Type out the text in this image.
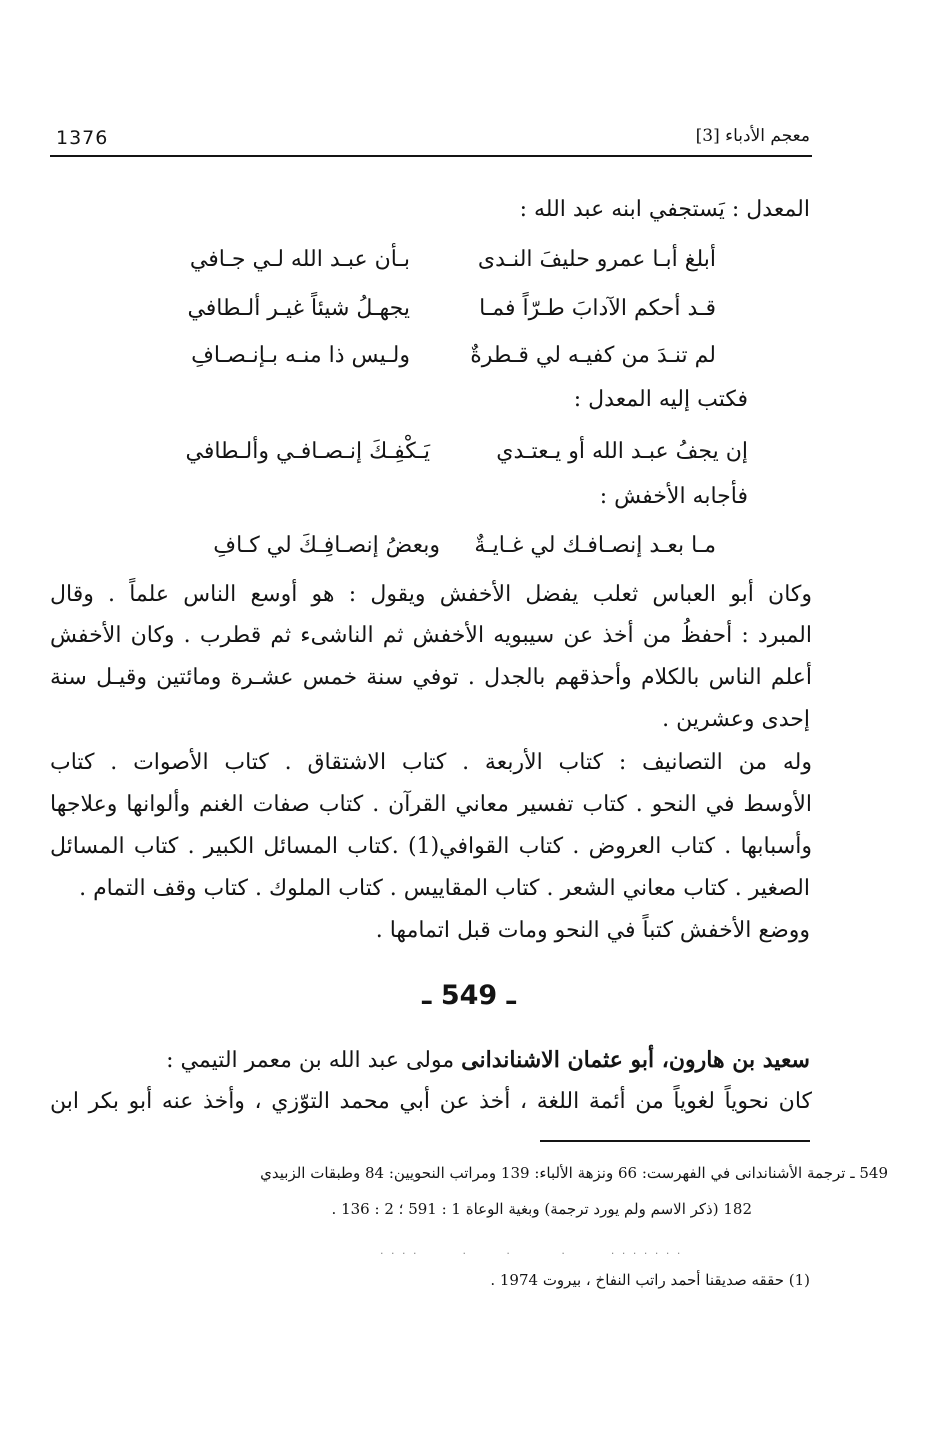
1376	معجم الأدباء [3]
المعدل : يَستجفي ابنه عبد الله :
أبلغ أبـا عمرو حليفَ النـدى
بـأن عبـد الله لـي جـافي
قـد أحكم الآدابَ طـرّاً فمـا
يجهـلُ شيئاً غيـر ألـطافي
لم تنـدَ من كفيـه لي قـطرةٌ
ولـيس ذا منـه بـإنـصـافِ
فكتب إليه المعدل :
إن يجفُ عبـد الله أو يـعتـدي
يَـكْفِـكَ إنـصـافـي وألـطافي
فأجابه الأخفش :
مـا بعـد إنصـافـك لي غـايـةٌ
وبعضُ إنصـافِـكَ لي كـافِ
وكان أبو العباس ثعلب يفضل الأخفش ويقول : هو أوسع الناس علماً . وقال
المبرد : أحفظُ من أخذ عن سيبويه الأخفش ثم الناشىء ثم قطرب . وكان الأخفش
أعلم الناس بالكلام وأحذقهم بالجدل . توفي سنة خمس عشـرة ومائتين وقيـل سنة
إحدى وعشرين .
وله من التصانيف : كتاب الأربعة . كتاب الاشتقاق . كتاب الأصوات . كتاب
الأوسط في النحو . كتاب تفسير معاني القرآن . كتاب صفات الغنم وألوانها وعلاجها
وأسبابها . كتاب العروض . كتاب القوافي(1) .كتاب المسائل الكبير . كتاب المسائل
الصغير . كتاب معاني الشعر . كتاب المقاييس . كتاب الملوك . كتاب وقف التمام .
ووضع الأخفش كتباً في النحو ومات قبل اتمامها .
ـ 549 ـ
سعيد بن هارون، أبو عثمان الاشناندانى مولى عبد الله بن معمر التيمي :
كان نحوياً لغوياً من أئمة اللغة ، أخذ عن أبي محمد التوّزي ، وأخذ عنه أبو بكر ابن
549 ـ ترجمة الأشناندانى في الفهرست: 66 ونزهة الألباء: 139 ومراتب النحويين: 84 وطبقات الزبيدي
182 (ذكر الاسم ولم يورد ترجمة) وبغية الوعاة 1 : 591 ؛ 2 : 136 .
. . . .        .       .         .        . . . . . . .
(1) حققه صديقنا أحمد راتب النفاخ ، بيروت 1974 .
